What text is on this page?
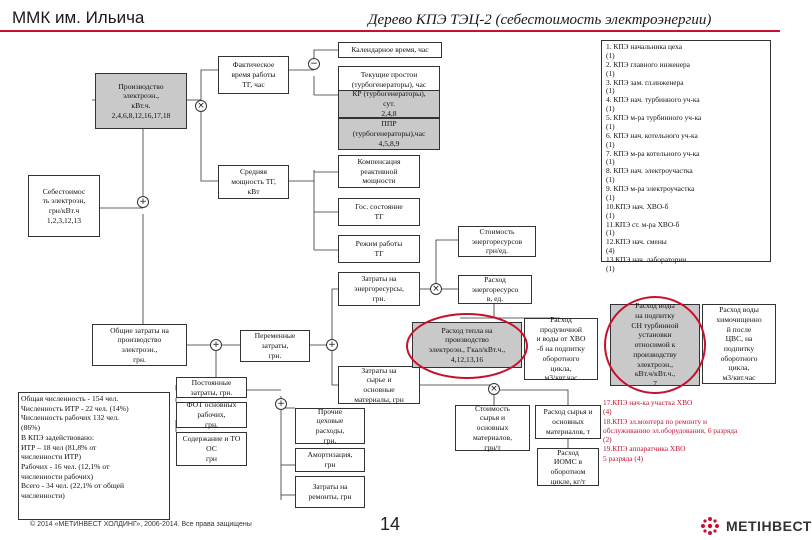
ММК им. Ильича	Дерево КПЭ ТЭЦ-2 (себестоимость электроэнергии)
Себестоимос
ть электроэн,
грн/кВт.ч
1,2,3,12,13
Производство
электроэн.,
кВт.ч.
2,4,6,8,12,16,17,18
Фактическое
время работы
ТГ, час
Средняя
мощность ТГ,
кВт
Календарное время, час
Текущие простои
(турбогенераторы), час
КР (турбогенераторы),
сут.
2,4,8
ППР
(турбогенераторы),час
4,5,8,9
Компенсация
реактивной
мощности
Гос. состояние
ТГ
Режим работы
ТГ
Затраты на
энергоресурсы,
грн.
Стоимость
энергоресурсов
грн/ед.
Расход
энергоресурсо
в, ед.
Общие затраты на
производство
электроэн.,
грн.
Переменные
затраты,
грн.
Постоянные
затраты, грн.
ФОТ основных
рабочих,
грн.
Содержание и ТО
ОС
грн
Затраты на
сырье и
основные
материалы, грн
Прочие
цеховые
расходы,
грн.
Амортизация,
грн
Затраты на
ремонты, грн
Расход тепла на
производство
электроэн., Гкал/кВт.ч.,
4,12,13,16
Расход
продувочной
и воды от ХВО
-б на подпитку
оборотного
цикла,
м3/квт.час
Стоимость
сырья и
основных
материалов,
грн/т
Расход сырья и
основных
материалов, т
Расход
ИОМС в
оборотном
цикле, кг/т
Общая численность - 154 чел.
Численность ИТР - 22 чел. (14%)
Численность рабочих 132 чел.
(86%)
В КПЭ задействовано:
ИТР – 18 чел (81,8% от
численности ИТР)
Рабочих - 16 чел. (12,1% от
численности рабочих)
Всего - 34 чел. (22,1% от общей
численности)
Расход воды
на подпитку
СН турбинной
установки
относимой к
производству
электроэн.,
кВт.ч/кВт.ч.,
7
Расход воды
химочищенно
й после
ЦВС, на
подпитку
оборотного
цикла,
м3/квт.час
1. КПЭ начальника цеха
(1)
2. КПЭ главного инженера
(1)
3. КПЭ зам. гл.инженера
(1)
4. КПЭ нач. турбинного уч-ка
(1)
5. КПЭ м-ра турбинного уч-ка
(1)
6. КПЭ нач. котельного уч-ка
(1)
7. КПЭ м-ра котельного уч-ка
(1)
8. КПЭ нач. электроучастка
(1)
9. КПЭ м-ра электроучастка
(1)
10.КПЭ нач. ХВО-б
(1)
11.КПЭ ст. м-ра ХВО-б
(1)
12.КПЭ нач. смены
(4)
13.КПЭ нач. лаборатории
(1)
17.КПЭ нач-ка участка ХВО
(4)
18.КПЭ эл.монтера по ремонту и
обслуживанию эл.оборудования, 6 разряда
(2)
19.КПЭ аппаратчика ХВО
5 разряда (4)
+
×
−
+	+
×
×
+
© 2014 «МЕТИНВЕСТ ХОЛДИНГ», 2006-2014. Все права защищены	14	МЕТІНВЕСТ
